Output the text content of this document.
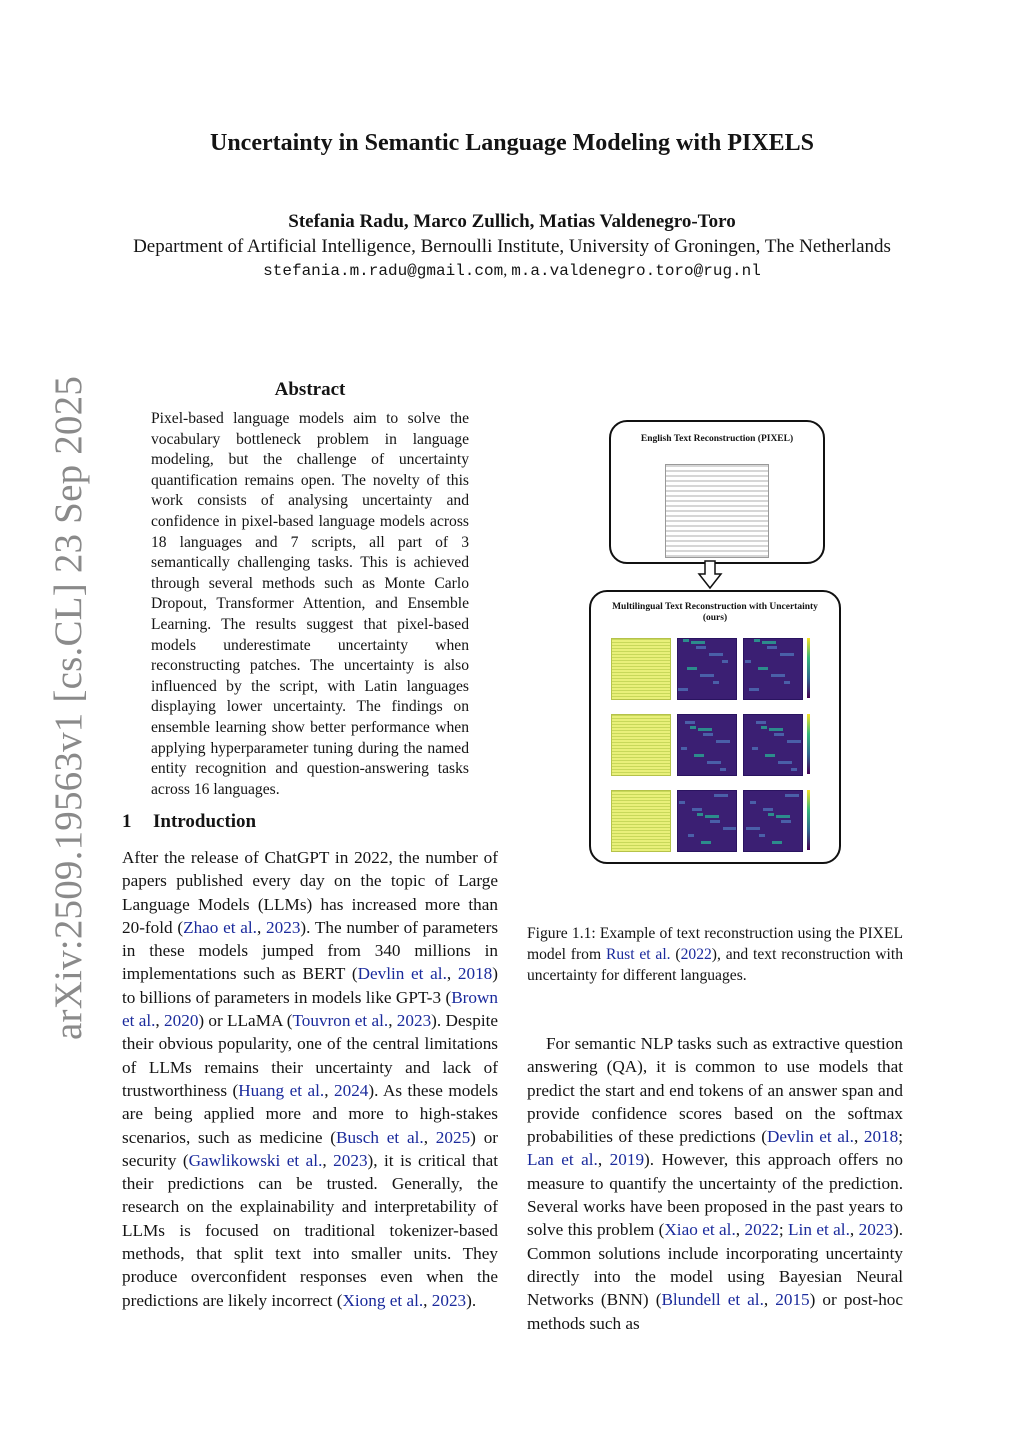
arXiv:2509.19563v1 [cs.CL] 23 Sep 2025
Uncertainty in Semantic Language Modeling with PIXELS
Stefania Radu, Marco Zullich, Matias Valdenegro-Toro
Department of Artificial Intelligence, Bernoulli Institute, University of Groningen, The Netherlands
stefania.m.radu@gmail.com, m.a.valdenegro.toro@rug.nl
Abstract
Pixel-based language models aim to solve the vocabulary bottleneck problem in language modeling, but the challenge of uncertainty quantification remains open. The novelty of this work consists of analysing uncertainty and confidence in pixel-based language models across 18 languages and 7 scripts, all part of 3 semantically challenging tasks. This is achieved through several methods such as Monte Carlo Dropout, Transformer Attention, and Ensemble Learning. The results suggest that pixel-based models underestimate uncertainty when reconstructing patches. The uncertainty is also influenced by the script, with Latin languages displaying lower uncertainty. The findings on ensemble learning show better performance when applying hyperparameter tuning during the named entity recognition and question-answering tasks across 16 languages.
1 Introduction
After the release of ChatGPT in 2022, the number of papers published every day on the topic of Large Language Models (LLMs) has increased more than 20-fold (Zhao et al., 2023). The number of parameters in these models jumped from 340 millions in implementations such as BERT (Devlin et al., 2018) to billions of parameters in models like GPT-3 (Brown et al., 2020) or LLaMA (Touvron et al., 2023). Despite their obvious popularity, one of the central limitations of LLMs remains their uncertainty and lack of trustworthiness (Huang et al., 2024). As these models are being applied more and more to high-stakes scenarios, such as medicine (Busch et al., 2025) or security (Gawlikowski et al., 2023), it is critical that their predictions can be trusted. Generally, the research on the explainability and interpretability of LLMs is focused on traditional tokenizer-based methods, that split text into smaller units. They produce overconfident responses even when the predictions are likely incorrect (Xiong et al., 2023).
English Text Reconstruction (PIXEL)
Multilingual Text Reconstruction with Uncertainty (ours)
Figure 1.1: Example of text reconstruction using the PIXEL model from Rust et al. (2022), and text reconstruction with uncertainty for different languages.
For semantic NLP tasks such as extractive question answering (QA), it is common to use models that predict the start and end tokens of an answer span and provide confidence scores based on the softmax probabilities of these predictions (Devlin et al., 2018; Lan et al., 2019). However, this approach offers no measure to quantify the uncertainty of the prediction. Several works have been proposed in the past years to solve this problem (Xiao et al., 2022; Lin et al., 2023). Common solutions include incorporating uncertainty directly into the model using Bayesian Neural Networks (BNN) (Blundell et al., 2015) or post-hoc methods such as
